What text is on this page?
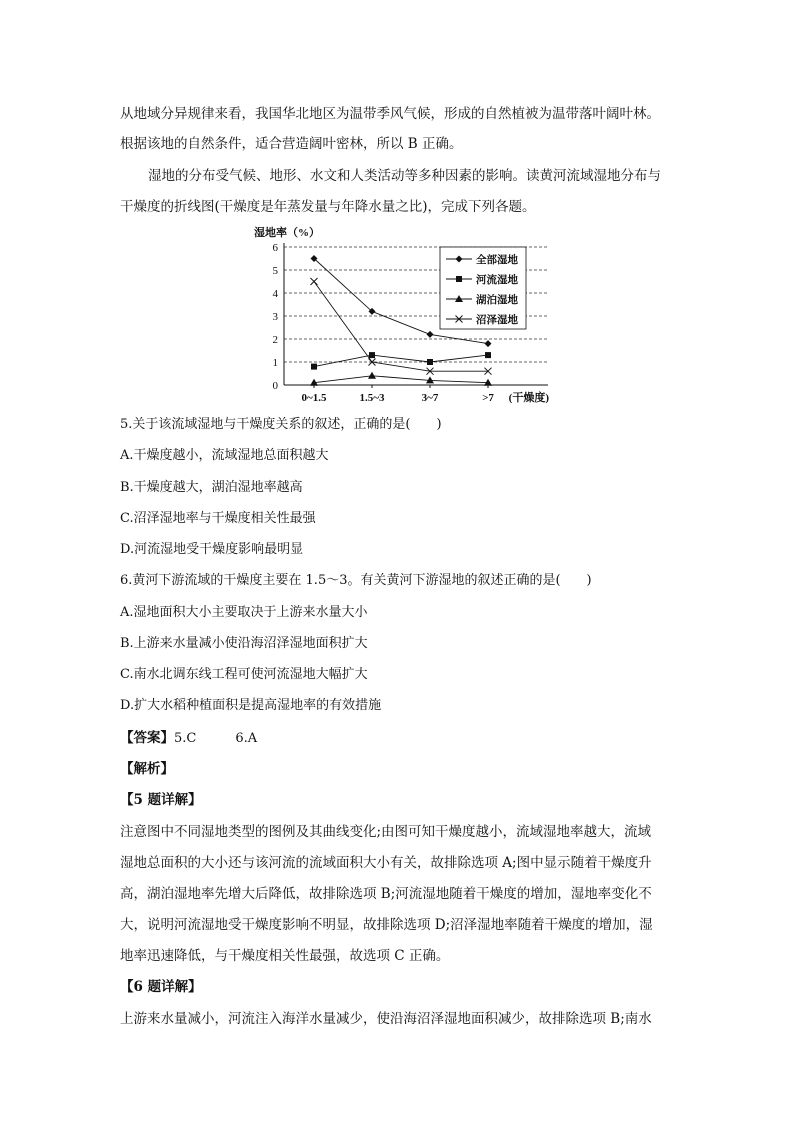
从地域分异规律来看，我国华北地区为温带季风气候，形成的自然植被为温带落叶阔叶林。
根据该地的自然条件，适合营造阔叶密林，所以 B 正确。
湿地的分布受气候、地形、水文和人类活动等多种因素的影响。读黄河流域湿地分布与
干燥度的折线图(干燥度是年蒸发量与年降水量之比)，完成下列各题。
0
1
2
3
4
5
6
0~1.5	1.5~3	3~7	>7 (干燥度)
湿地率（%）
全部湿地
河流湿地
湖泊湿地
沼泽湿地
5.关于该流域湿地与干燥度关系的叙述，正确的是(　　)
A.干燥度越小，流域湿地总面积越大
B.干燥度越大，湖泊湿地率越高
C.沼泽湿地率与干燥度相关性最强
D.河流湿地受干燥度影响最明显
6.黄河下游流域的干燥度主要在 1.5～3。有关黄河下游湿地的叙述正确的是(　　)
A.湿地面积大小主要取决于上游来水量大小
B.上游来水量减小使沿海沼泽湿地面积扩大
C.南水北调东线工程可使河流湿地大幅扩大
D.扩大水稻种植面积是提高湿地率的有效措施
【答案】5.C　　　6.A
【解析】
【5 题详解】
注意图中不同湿地类型的图例及其曲线变化;由图可知干燥度越小，流域湿地率越大，流域
湿地总面积的大小还与该河流的流域面积大小有关，故排除选项 A;图中显示随着干燥度升
高，湖泊湿地率先增大后降低，故排除选项 B;河流湿地随着干燥度的增加，湿地率变化不
大，说明河流湿地受干燥度影响不明显，故排除选项 D;沼泽湿地率随着干燥度的增加，湿
地率迅速降低，与干燥度相关性最强，故选项 C 正确。
【6 题详解】
上游来水量减小，河流注入海洋水量减少，使沿海沼泽湿地面积减少，故排除选项 B;南水
